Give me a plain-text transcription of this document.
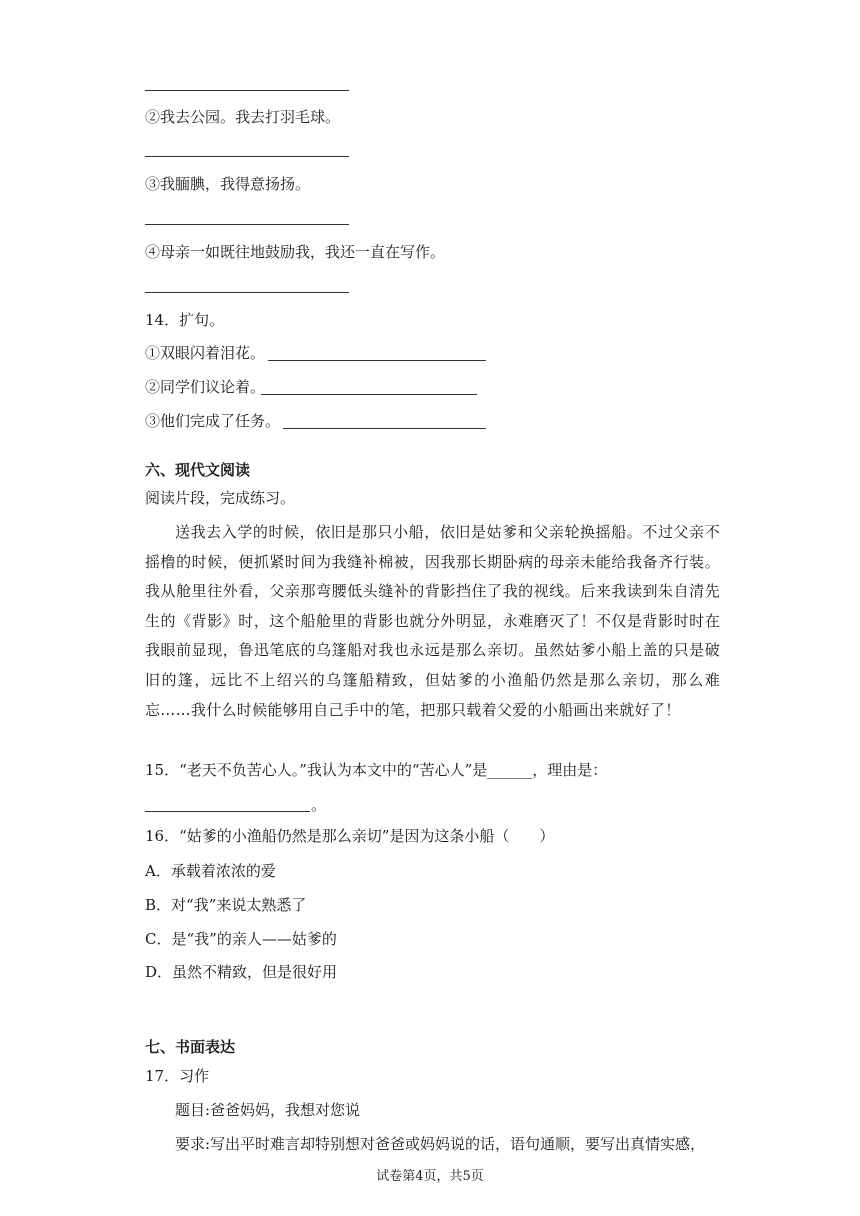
②我去公园。我去打羽毛球。
③我腼腆，我得意扬扬。
④母亲一如既往地鼓励我，我还一直在写作。
14．扩句。
①双眼闪着泪花。
②同学们议论着。
③他们完成了任务。
六、现代文阅读
阅读片段，完成练习。
送我去入学的时候，依旧是那只小船，依旧是姑爹和父亲轮换摇船。不过父亲不摇橹的时候，便抓紧时间为我缝补棉被，因我那长期卧病的母亲未能给我备齐行装。我从舱里往外看，父亲那弯腰低头缝补的背影挡住了我的视线。后来我读到朱自清先生的《背影》时，这个船舱里的背影也就分外明显，永难磨灭了！不仅是背影时时在我眼前显现，鲁迅笔底的乌篷船对我也永远是那么亲切。虽然姑爹小船上盖的只是破旧的篷，远比不上绍兴的乌篷船精致，但姑爹的小渔船仍然是那么亲切，那么难忘……我什么时候能够用自己手中的笔，把那只载着父爱的小船画出来就好了！
15．“老天不负苦心人。”我认为本文中的“苦心人”是______，理由是：
。
16．“姑爹的小渔船仍然是那么亲切”是因为这条小船（　　）
A．承载着浓浓的爱
B．对“我”来说太熟悉了
C．是“我”的亲人——姑爹的
D．虽然不精致，但是很好用
七、书面表达
17．习作
题目:爸爸妈妈，我想对您说
要求:写出平时难言却特别想对爸爸或妈妈说的话，语句通顺，要写出真情实感，
试卷第4页，共5页
